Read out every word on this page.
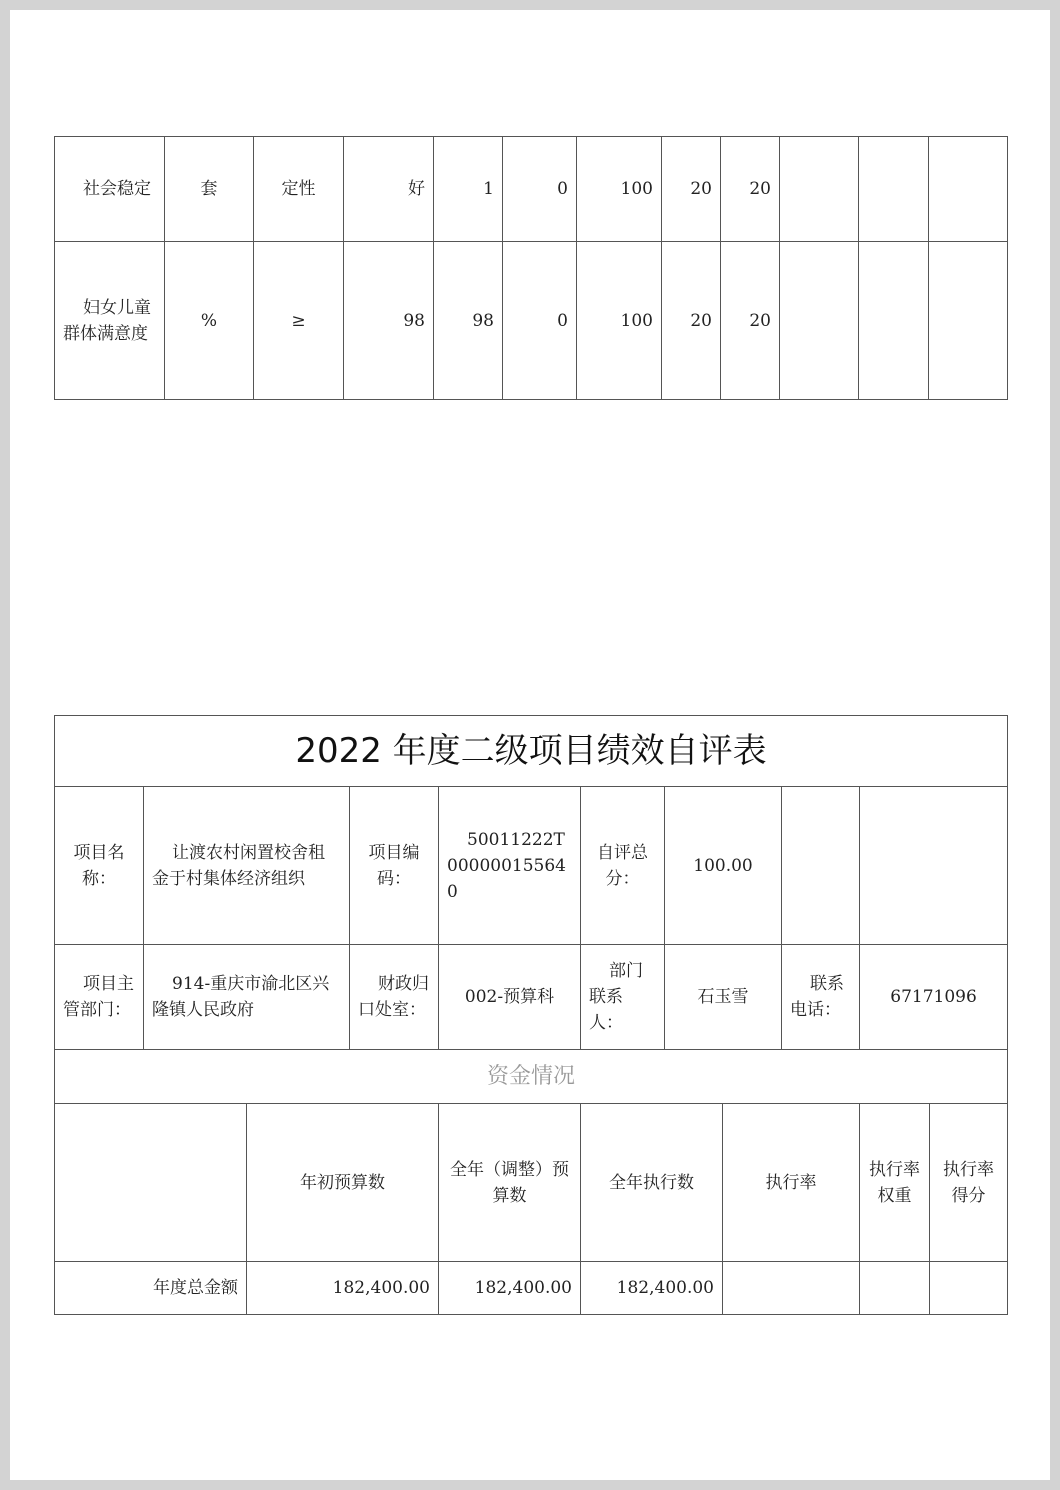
社会稳定	套	定性	好	1	0	100	20	20			
妇女儿童群体满意度	%	≥	98	98	0	100	20	20			
2022 年度二级项目绩效自评表										
项目名称：	让渡农村闲置校舍租金于村集体经济组织		项目编码：	50011222T000000155640	自评总分：	100.00				
项目主管部门：	914-重庆市渝北区兴隆镇人民政府		财政归口处室：	002-预算科	部门联系人：	石玉雪		联系电话：	67171096	
资金情况										
		年初预算数		全年（调整）预算数	全年执行数		执行率		执行率权重	执行率得分
年度总金额		182,400.00		182,400.00	182,400.00					
